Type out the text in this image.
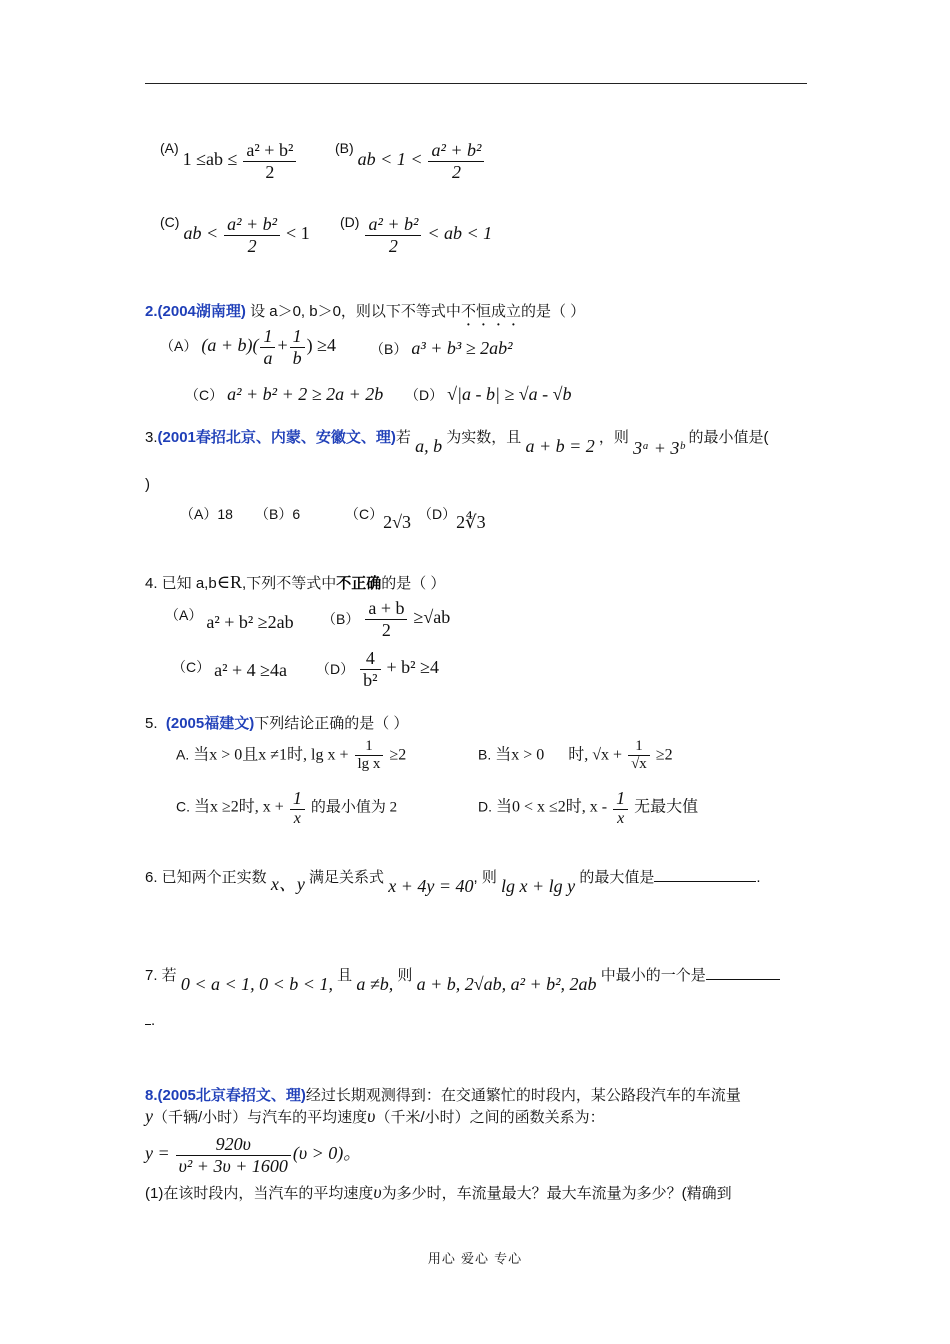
(A) $1 \le ab \le \frac{\text{a² + b²}}{2}$	(B) ab < $1 < \frac{\text{a² + b²}}{2}$
(C) ab < $\frac{\text{a² + b²}}{2} < 1$
$(D) \frac{\text{a² + b²}}{2}$ < ab < 1
2.(2004湖南理) 设 a＞0, b＞0，则以下不等式中不恒成立的是（ ）
（A） $(a + b)( \frac{1}{a} + \frac{1}{b}$ ) ≥4 （B） a³ + b³ ≥ 2ab²
（C） a² + b² + 2 ≥ 2a + 2b （D） √|a - b| ≥ √a - √b
3.(2001春招北京、内蒙、安徽文、理)若 a, b 为实数，且 a + b = 2 ，则 3ᵃ + 3ᵇ 的最小值是(
)
（A）18 （B）6	（C）2√3 （D）2∜3
4. 已知 a,b∈R,下列不等式中不正确的是（ ）
（A） a² + b² ≥2ab $(B) \frac{a + b}{2} \ge√ab$
（C） a² + 4 ≥4a $(D) \frac{4}{\text{b²}} + b^2 \ge 4$
5. (2005福建文)下列结论正确的是（ ）
A. 当x > 0且x ≠1时, $\lg x + \frac{1}{\text{lg x}} \ge 2$	B. 当x > 0 时, $√x + \frac{1}{√x} \ge 2$
C. 当x ≥2时, $x + \frac{1}{x}$ 的最小值为 2	D. 当0 < x ≤2时, x - $\frac{1}{x}$ 无最大值
6. 已知两个正实数 x、y 满足关系式 x + 4y = 40, 则 lg x + lg y 的最大值是	.
7. 若 0 < a < 1, 0 < b < 1, 且 a ≠b, 则 a + b, 2√ab, a² + b², 2ab 中最小的一个是
.
8.(2005北京春招文、理)经过长期观测得到：在交通繁忙的时段内，某公路段汽车的车流量
y（千辆/小时）与汽车的平均速度υ（千米/小时）之间的函数关系为：
$y = \frac{920\upsilon}{\text{υ² + 3υ + 1600}} (\upsilon > 0)$。
(1)在该时段内，当汽车的平均速度υ为多少时，车流量最大？最大车流量为多少？(精确到
用心 爱心 专心
